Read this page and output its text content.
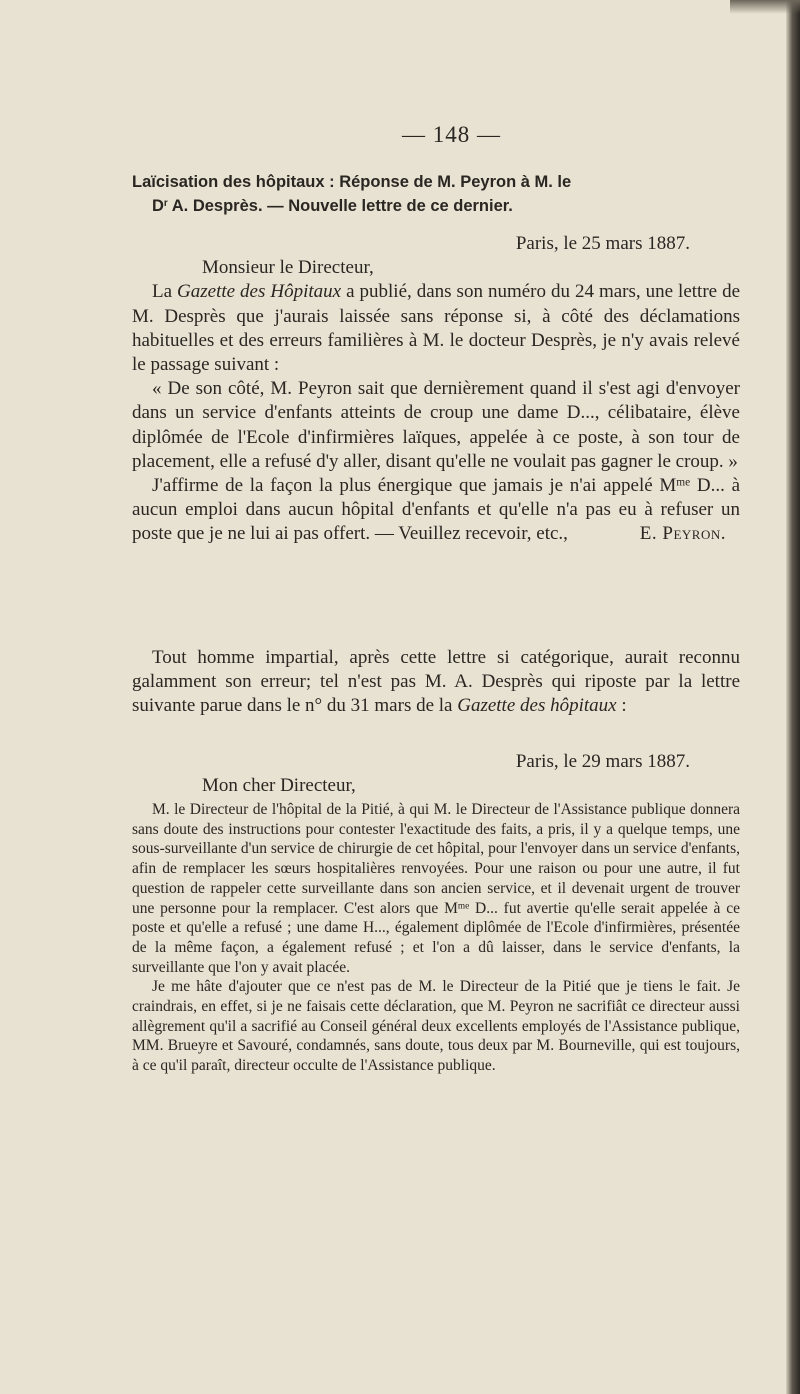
— 148 —
Laïcisation des hôpitaux : Réponse de M. Peyron à M. le
$D^r$ A. Desprès. — Nouvelle lettre de ce dernier.
Paris, le 25 mars 1887.
Monsieur le Directeur,

La Gazette des Hôpitaux a publié, dans son numéro du 24 mars, une lettre de M. Desprès que j'aurais laissée sans réponse si, à côté des déclamations habituelles et des erreurs familières à M. le docteur Desprès, je n'y avais relevé le passage suivant :

« De son côté, M. Peyron sait que dernièrement quand il s'est agi d'envoyer dans un service d'enfants atteints de croup une dame D..., célibataire, élève diplômée de l'Ecole d'infirmières laïques, appelée à ce poste, à son tour de placement, elle a refusé d'y aller, disant qu'elle ne voulait pas gagner le croup. »

J'affirme de la façon la plus énergique que jamais je n'ai appelé $M^{me}$ D... à aucun emploi dans aucun hôpital d'enfants et qu'elle n'a pas eu à refuser un poste que je ne lui ai pas offert. — Veuillez recevoir, etc.,	E. Peyron.

Tout homme impartial, après cette lettre si catégorique, aurait reconnu galamment son erreur; tel n'est pas M. A. Desprès qui riposte par la lettre suivante parue dans le n° du 31 mars de la Gazette des hôpitaux :

Paris, le 29 mars 1887.
Mon cher Directeur,

M. le Directeur de l'hôpital de la Pitié, à qui M. le Directeur de l'Assistance publique donnera sans doute des instructions pour contester l'exactitude des faits, a pris, il y a quelque temps, une sous-surveillante d'un service de chirurgie de cet hôpital, pour l'envoyer dans un service d'enfants, afin de remplacer les sœurs hospitalières renvoyées. Pour une raison ou pour une autre, il fut question de rappeler cette surveillante dans son ancien service, et il devenait urgent de trouver une personne pour la remplacer. C'est alors que $M^{me}$ D... fut avertie qu'elle serait appelée à ce poste et qu'elle a refusé ; une dame H..., également diplômée de l'Ecole d'infirmières, présentée de la même façon, a également refusé ; et l'on a dû laisser, dans le service d'enfants, la surveillante que l'on y avait placée.

Je me hâte d'ajouter que ce n'est pas de M. le Directeur de la Pitié que je tiens le fait. Je craindrais, en effet, si je ne faisais cette déclaration, que M. Peyron ne sacrifiât ce directeur aussi allègrement qu'il a sacrifié au Conseil général deux excellents employés de l'Assistance publique, MM. Brueyre et Savouré, condamnés, sans doute, tous deux par M. Bourneville, qui est toujours, à ce qu'il paraît, directeur occulte de l'Assistance publique.
